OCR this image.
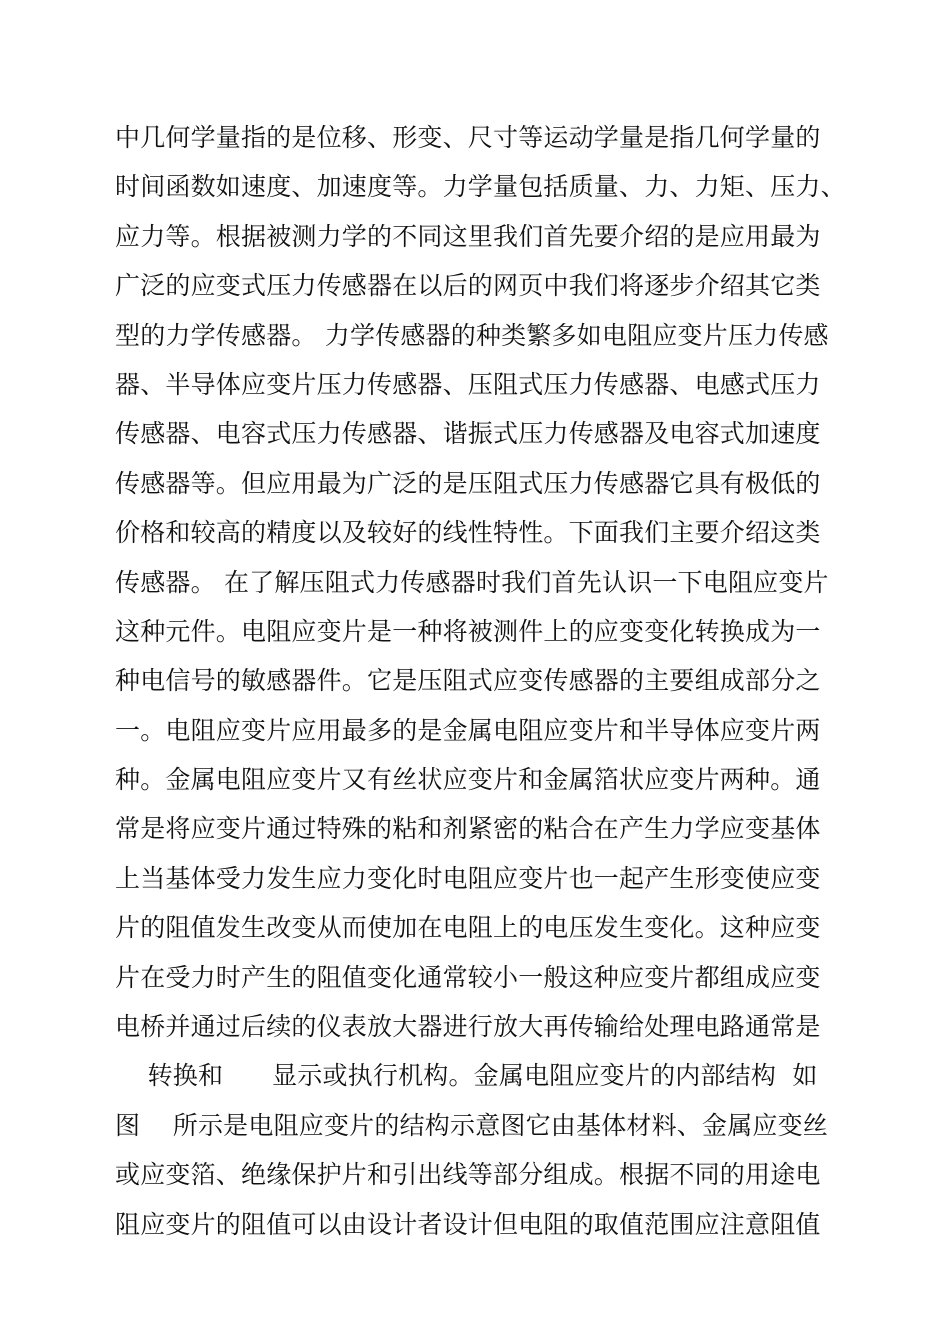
中几何学量指的是位移、形变、尺寸等运动学量是指几何学量的
时间函数如速度、加速度等。力学量包括质量、力、力矩、压力、
应力等。根据被测力学的不同这里我们首先要介绍的是应用最为
广泛的应变式压力传感器在以后的网页中我们将逐步介绍其它类
型的力学传感器。 力学传感器的种类繁多如电阻应变片压力传感
器、半导体应变片压力传感器、压阻式压力传感器、电感式压力
传感器、电容式压力传感器、谐振式压力传感器及电容式加速度
传感器等。但应用最为广泛的是压阻式压力传感器它具有极低的
价格和较高的精度以及较好的线性特性。下面我们主要介绍这类
传感器。 在了解压阻式力传感器时我们首先认识一下电阻应变片
这种元件。电阻应变片是一种将被测件上的应变变化转换成为一
种电信号的敏感器件。它是压阻式应变传感器的主要组成部分之
一。电阻应变片应用最多的是金属电阻应变片和半导体应变片两
种。金属电阻应变片又有丝状应变片和金属箔状应变片两种。通
常是将应变片通过特殊的粘和剂紧密的粘合在产生力学应变基体
上当基体受力发生应力变化时电阻应变片也一起产生形变使应变
片的阻值发生改变从而使加在电阻上的电压发生变化。这种应变
片在受力时产生的阻值变化通常较小一般这种应变片都组成应变
电桥并通过后续的仪表放大器进行放大再传输给处理电路通常是
转换和      显示或执行机构。金属电阻应变片的内部结构  如
图    所示是电阻应变片的结构示意图它由基体材料、金属应变丝
或应变箔、绝缘保护片和引出线等部分组成。根据不同的用途电
阻应变片的阻值可以由设计者设计但电阻的取值范围应注意阻值
